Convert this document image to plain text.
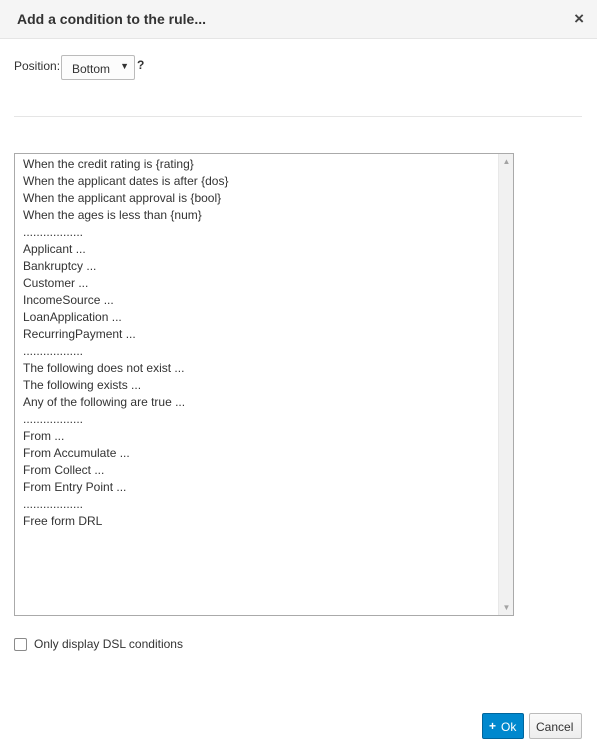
Add a condition to the rule...	×
Position: Bottom ▼ ?
When the credit rating is {rating}
When the applicant dates is after {dos}
When the applicant approval is {bool}
When the ages is less than {num}
..................
Applicant ...
Bankruptcy ...
Customer ...
IncomeSource ...
LoanApplication ...
RecurringPayment ...
..................
The following does not exist ...
The following exists ...
Any of the following are true ...
..................
From ...
From Accumulate ...
From Collect ...
From Entry Point ...
..................
Free form DRL
▲
▼
Only display DSL conditions
+ Ok Cancel
